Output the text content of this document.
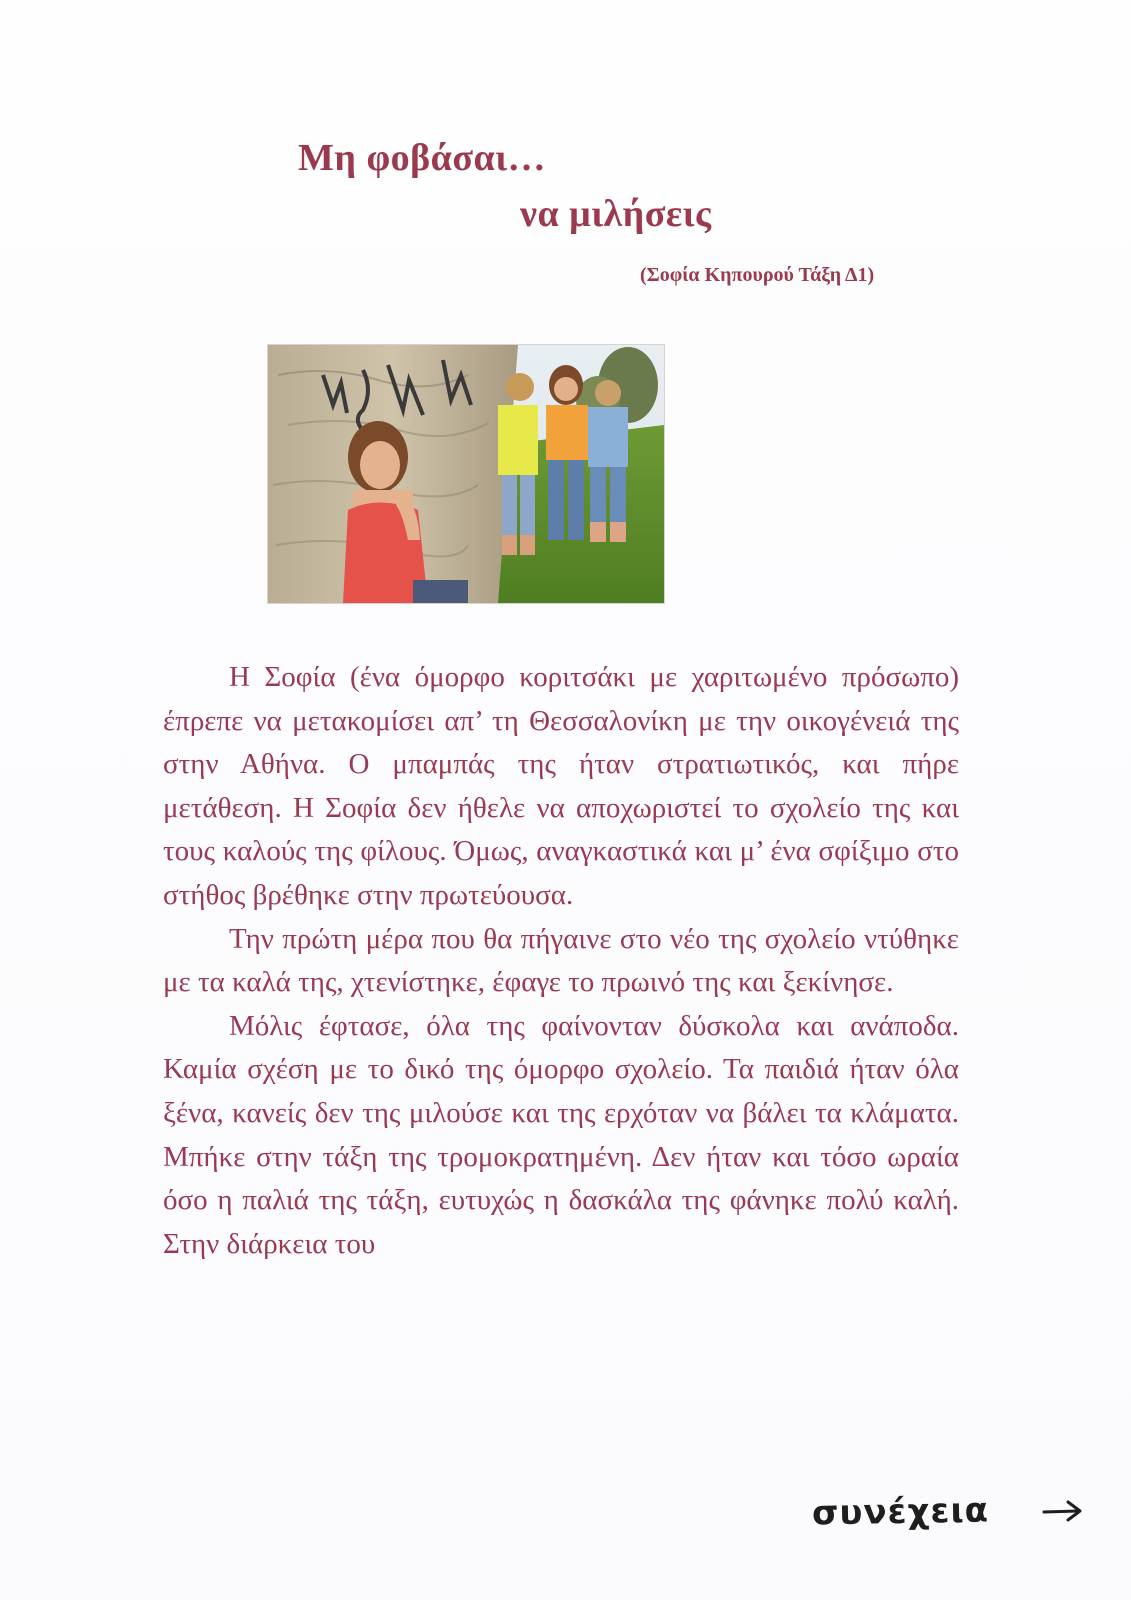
Μη φοβάσαι…
να μιλήσεις
(Σοφία Κηπουρού Τάξη Δ1)

Η Σοφία (ένα όμορφο κοριτσάκι με χαριτωμένο πρόσωπο) έπρεπε να μετακομίσει απ’ τη Θεσσαλονίκη με την οικογένειά της στην Αθήνα. Ο μπαμπάς της ήταν στρατιωτικός, και πήρε μετάθεση. Η Σοφία δεν ήθελε να αποχωριστεί το σχολείο της και τους καλούς της φίλους. Όμως, αναγκαστικά και μ’ ένα σφίξιμο στο στήθος βρέθηκε στην πρωτεύουσα.

Την πρώτη μέρα που θα πήγαινε στο νέο της σχολείο ντύθηκε με τα καλά της, χτενίστηκε, έφαγε το πρωινό της και ξεκίνησε.

Μόλις έφτασε, όλα της φαίνονταν δύσκολα και ανάποδα. Καμία σχέση με το δικό της όμορφο σχολείο. Τα παιδιά ήταν όλα ξένα, κανείς δεν της μιλούσε και της ερχόταν να βάλει τα κλάματα. Μπήκε στην τάξη της τρομοκρατημένη. Δεν ήταν και τόσο ωραία όσο η παλιά της τάξη, ευτυχώς η δασκάλα της φάνηκε πολύ καλή. Στην διάρκεια του

συνέχεια
